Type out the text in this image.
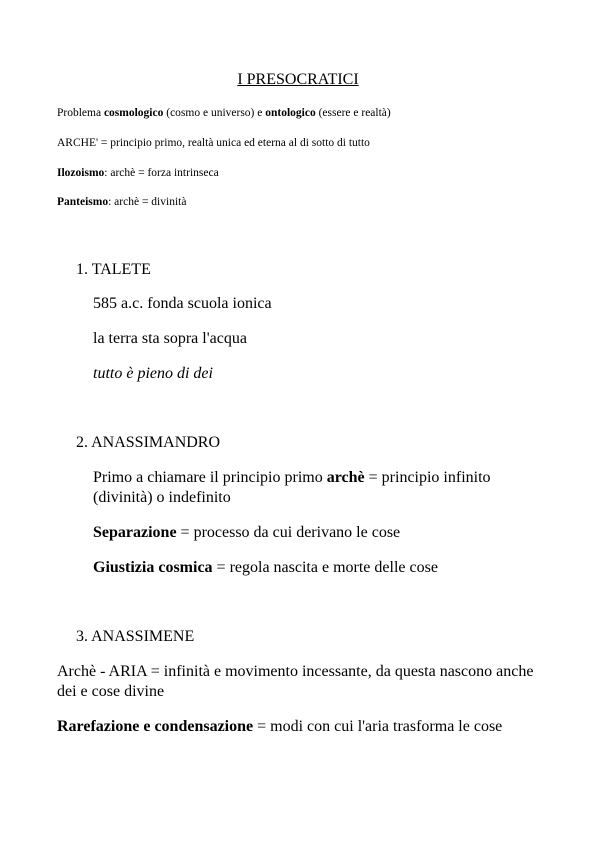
I PRESOCRATICI
Problema cosmologico (cosmo e universo) e ontologico (essere e realtà)
ARCHE' = principio primo, realtà unica ed eterna al di sotto di tutto
Ilozoismo: archè = forza intrinseca
Panteismo: archè = divinità
1. TALETE
585 a.c. fonda scuola ionica
la terra sta sopra l'acqua
tutto è pieno di dei
2. ANASSIMANDRO
Primo a chiamare il principio primo archè = principio infinito (divinità) o indefinito
Separazione = processo da cui derivano le cose
Giustizia cosmica = regola nascita e morte delle cose
3. ANASSIMENE
Archè - ARIA = infinità e movimento incessante, da questa nascono anche dei e cose divine
Rarefazione e condensazione = modi con cui l'aria trasforma le cose
